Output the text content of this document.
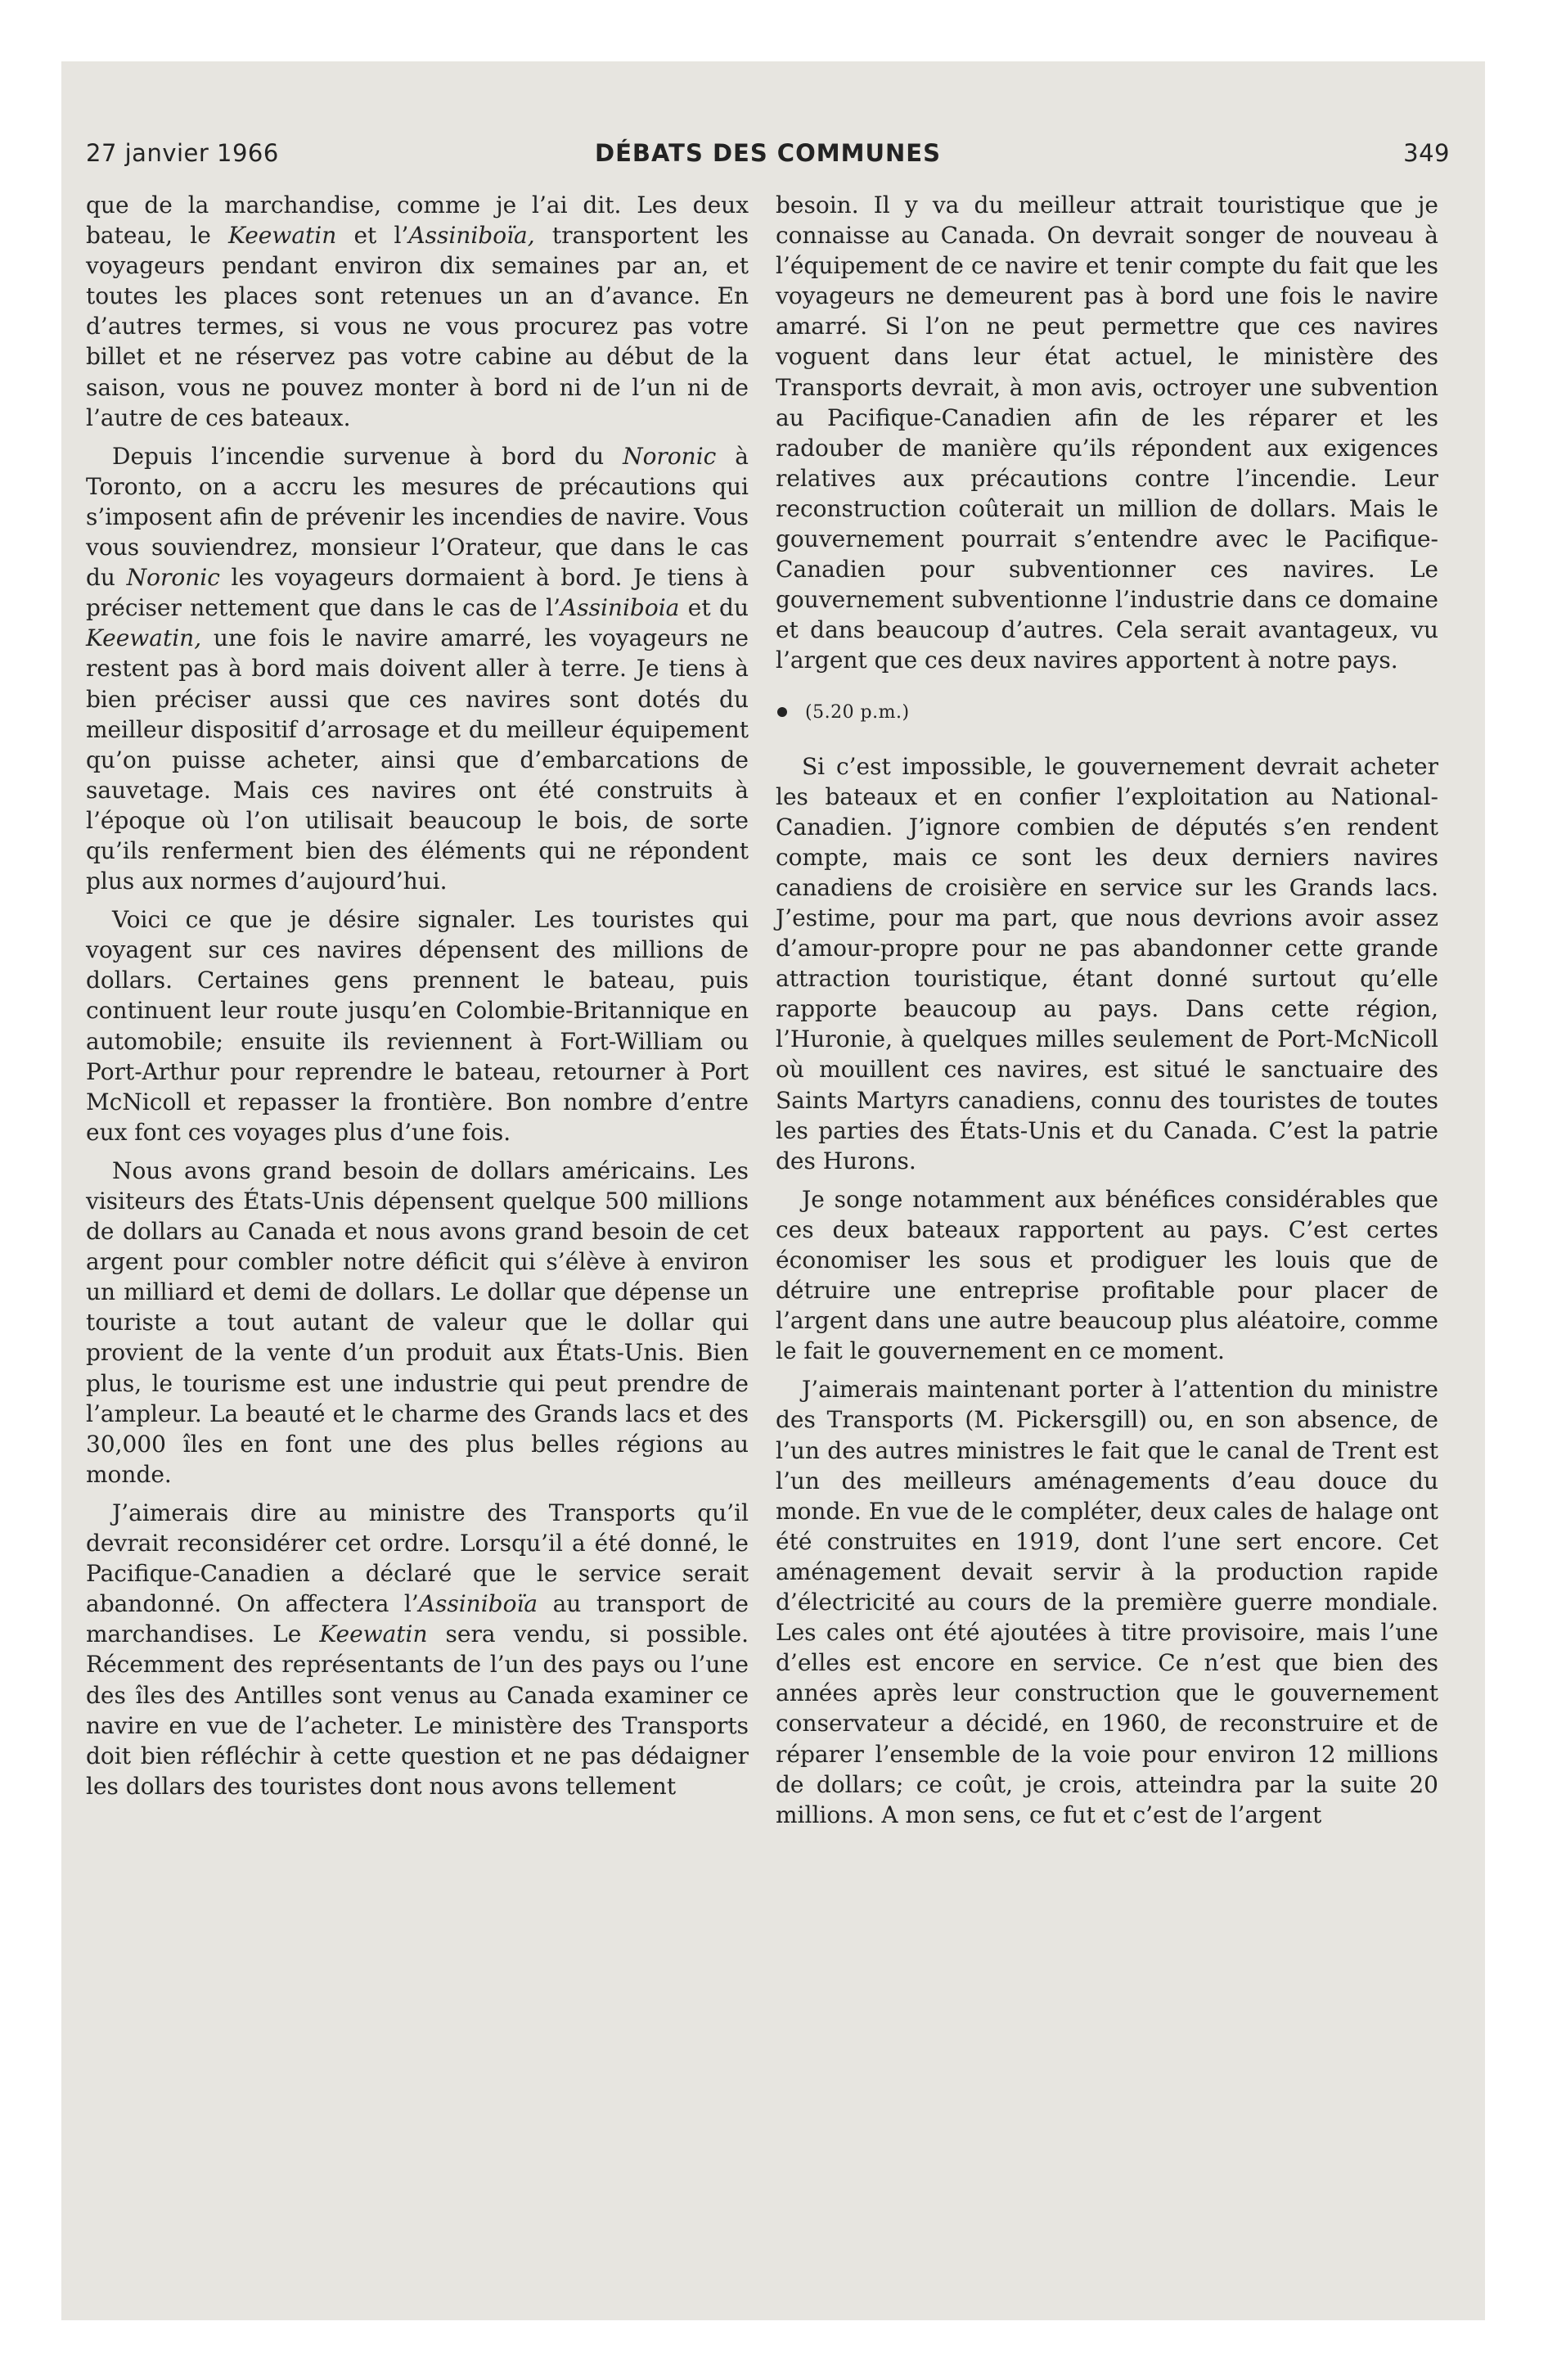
27 janvier 1966	DÉBATS DES COMMUNES	349

que de la marchandise, comme je l’ai dit. Les deux bateau, le Keewatin et l’Assiniboïa, transportent les voyageurs pendant environ dix semaines par an, et toutes les places sont retenues un an d’avance. En d’autres termes, si vous ne vous procurez pas votre billet et ne réservez pas votre cabine au début de la saison, vous ne pouvez monter à bord ni de l’un ni de l’autre de ces bateaux.

Depuis l’incendie survenue à bord du Noronic à Toronto, on a accru les mesures de précautions qui s’imposent afin de prévenir les incendies de navire. Vous vous souviendrez, monsieur l’Orateur, que dans le cas du Noronic les voyageurs dormaient à bord. Je tiens à préciser nettement que dans le cas de l’Assiniboia et du Keewatin, une fois le navire amarré, les voyageurs ne restent pas à bord mais doivent aller à terre. Je tiens à bien préciser aussi que ces navires sont dotés du meilleur dispositif d’arrosage et du meilleur équipement qu’on puisse acheter, ainsi que d’embarcations de sauvetage. Mais ces navires ont été construits à l’époque où l’on utilisait beaucoup le bois, de sorte qu’ils renferment bien des éléments qui ne répondent plus aux normes d’aujourd’hui.

Voici ce que je désire signaler. Les touristes qui voyagent sur ces navires dépensent des millions de dollars. Certaines gens prennent le bateau, puis continuent leur route jusqu’en Colombie-Britannique en automobile; ensuite ils reviennent à Fort-William ou Port-Arthur pour reprendre le bateau, retourner à Port McNicoll et repasser la frontière. Bon nombre d’entre eux font ces voyages plus d’une fois.

Nous avons grand besoin de dollars américains. Les visiteurs des États-Unis dépensent quelque 500 millions de dollars au Canada et nous avons grand besoin de cet argent pour combler notre déficit qui s’élève à environ un milliard et demi de dollars. Le dollar que dépense un touriste a tout autant de valeur que le dollar qui provient de la vente d’un produit aux États-Unis. Bien plus, le tourisme est une industrie qui peut prendre de l’ampleur. La beauté et le charme des Grands lacs et des 30,000 îles en font une des plus belles régions au monde.

J’aimerais dire au ministre des Transports qu’il devrait reconsidérer cet ordre. Lorsqu’il a été donné, le Pacifique-Canadien a déclaré que le service serait abandonné. On affectera l’Assiniboïa au transport de marchandises. Le Keewatin sera vendu, si possible. Récemment des représentants de l’un des pays ou l’une des îles des Antilles sont venus au Canada examiner ce navire en vue de l’acheter. Le ministère des Transports doit bien réfléchir à cette question et ne pas dédaigner les dollars des touristes dont nous avons tellement

besoin. Il y va du meilleur attrait touristique que je connaisse au Canada. On devrait songer de nouveau à l’équipement de ce navire et tenir compte du fait que les voyageurs ne demeurent pas à bord une fois le navire amarré. Si l’on ne peut permettre que ces navires voguent dans leur état actuel, le ministère des Transports devrait, à mon avis, octroyer une subvention au Pacifique-Canadien afin de les réparer et les radouber de manière qu’ils répondent aux exigences relatives aux précautions contre l’incendie. Leur reconstruction coûterait un million de dollars. Mais le gouvernement pourrait s’entendre avec le Pacifique-Canadien pour subventionner ces navires. Le gouvernement subventionne l’industrie dans ce domaine et dans beaucoup d’autres. Cela serait avantageux, vu l’argent que ces deux navires apportent à notre pays.

(5.20 p.m.)

Si c’est impossible, le gouvernement devrait acheter les bateaux et en confier l’exploitation au National-Canadien. J’ignore combien de députés s’en rendent compte, mais ce sont les deux derniers navires canadiens de croisière en service sur les Grands lacs. J’estime, pour ma part, que nous devrions avoir assez d’amour-propre pour ne pas abandonner cette grande attraction touristique, étant donné surtout qu’elle rapporte beaucoup au pays. Dans cette région, l’Huronie, à quelques milles seulement de Port-McNicoll où mouillent ces navires, est situé le sanctuaire des Saints Martyrs canadiens, connu des touristes de toutes les parties des États-Unis et du Canada. C’est la patrie des Hurons.

Je songe notamment aux bénéfices considérables que ces deux bateaux rapportent au pays. C’est certes économiser les sous et prodiguer les louis que de détruire une entreprise profitable pour placer de l’argent dans une autre beaucoup plus aléatoire, comme le fait le gouvernement en ce moment.

J’aimerais maintenant porter à l’attention du ministre des Transports (M. Pickersgill) ou, en son absence, de l’un des autres ministres le fait que le canal de Trent est l’un des meilleurs aménagements d’eau douce du monde. En vue de le compléter, deux cales de halage ont été construites en 1919, dont l’une sert encore. Cet aménagement devait servir à la production rapide d’électricité au cours de la première guerre mondiale. Les cales ont été ajoutées à titre provisoire, mais l’une d’elles est encore en service. Ce n’est que bien des années après leur construction que le gouvernement conservateur a décidé, en 1960, de reconstruire et de réparer l’ensemble de la voie pour environ 12 millions de dollars; ce coût, je crois, atteindra par la suite 20 millions. A mon sens, ce fut et c’est de l’argent
